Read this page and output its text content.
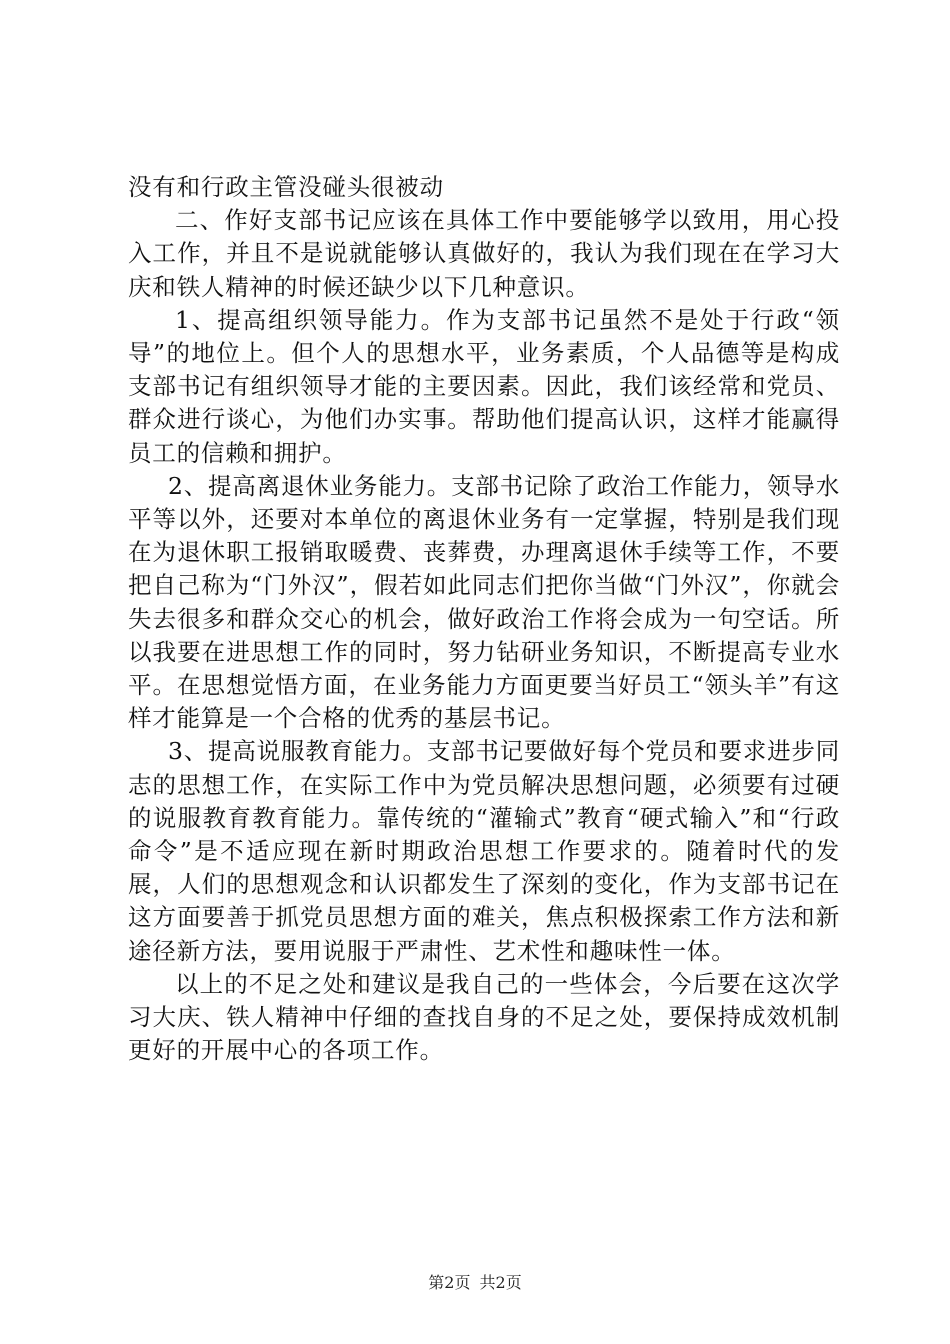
没有和行政主管没碰头很被动

二、作好支部书记应该在具体工作中要能够学以致用，用心投入工作，并且不是说就能够认真做好的，我认为我们现在在学习大庆和铁人精神的时候还缺少以下几种意识。

1、提高组织领导能力。作为支部书记虽然不是处于行政“领导”的地位上。但个人的思想水平，业务素质，个人品德等是构成支部书记有组织领导才能的主要因素。因此，我们该经常和党员、群众进行谈心，为他们办实事。帮助他们提高认识，这样才能赢得员工的信赖和拥护。

2、提高离退休业务能力。支部书记除了政治工作能力，领导水平等以外，还要对本单位的离退休业务有一定掌握，特别是我们现在为退休职工报销取暖费、丧葬费，办理离退休手续等工作，不要把自己称为“门外汉”，假若如此同志们把你当做“门外汉”，你就会失去很多和群众交心的机会，做好政治工作将会成为一句空话。所以我要在进思想工作的同时，努力钻研业务知识，不断提高专业水平。在思想觉悟方面，在业务能力方面更要当好员工“领头羊”有这样才能算是一个合格的优秀的基层书记。

3、提高说服教育能力。支部书记要做好每个党员和要求进步同志的思想工作，在实际工作中为党员解决思想问题，必须要有过硬的说服教育教育能力。靠传统的“灌输式”教育“硬式输入”和“行政命令”是不适应现在新时期政治思想工作要求的。随着时代的发展，人们的思想观念和认识都发生了深刻的变化，作为支部书记在这方面要善于抓党员思想方面的难关，焦点积极探索工作方法和新途径新方法，要用说服于严肃性、艺术性和趣味性一体。

以上的不足之处和建议是我自己的一些体会，今后要在这次学习大庆、铁人精神中仔细的查找自身的不足之处，要保持成效机制更好的开展中心的各项工作。

第2页 共2页
